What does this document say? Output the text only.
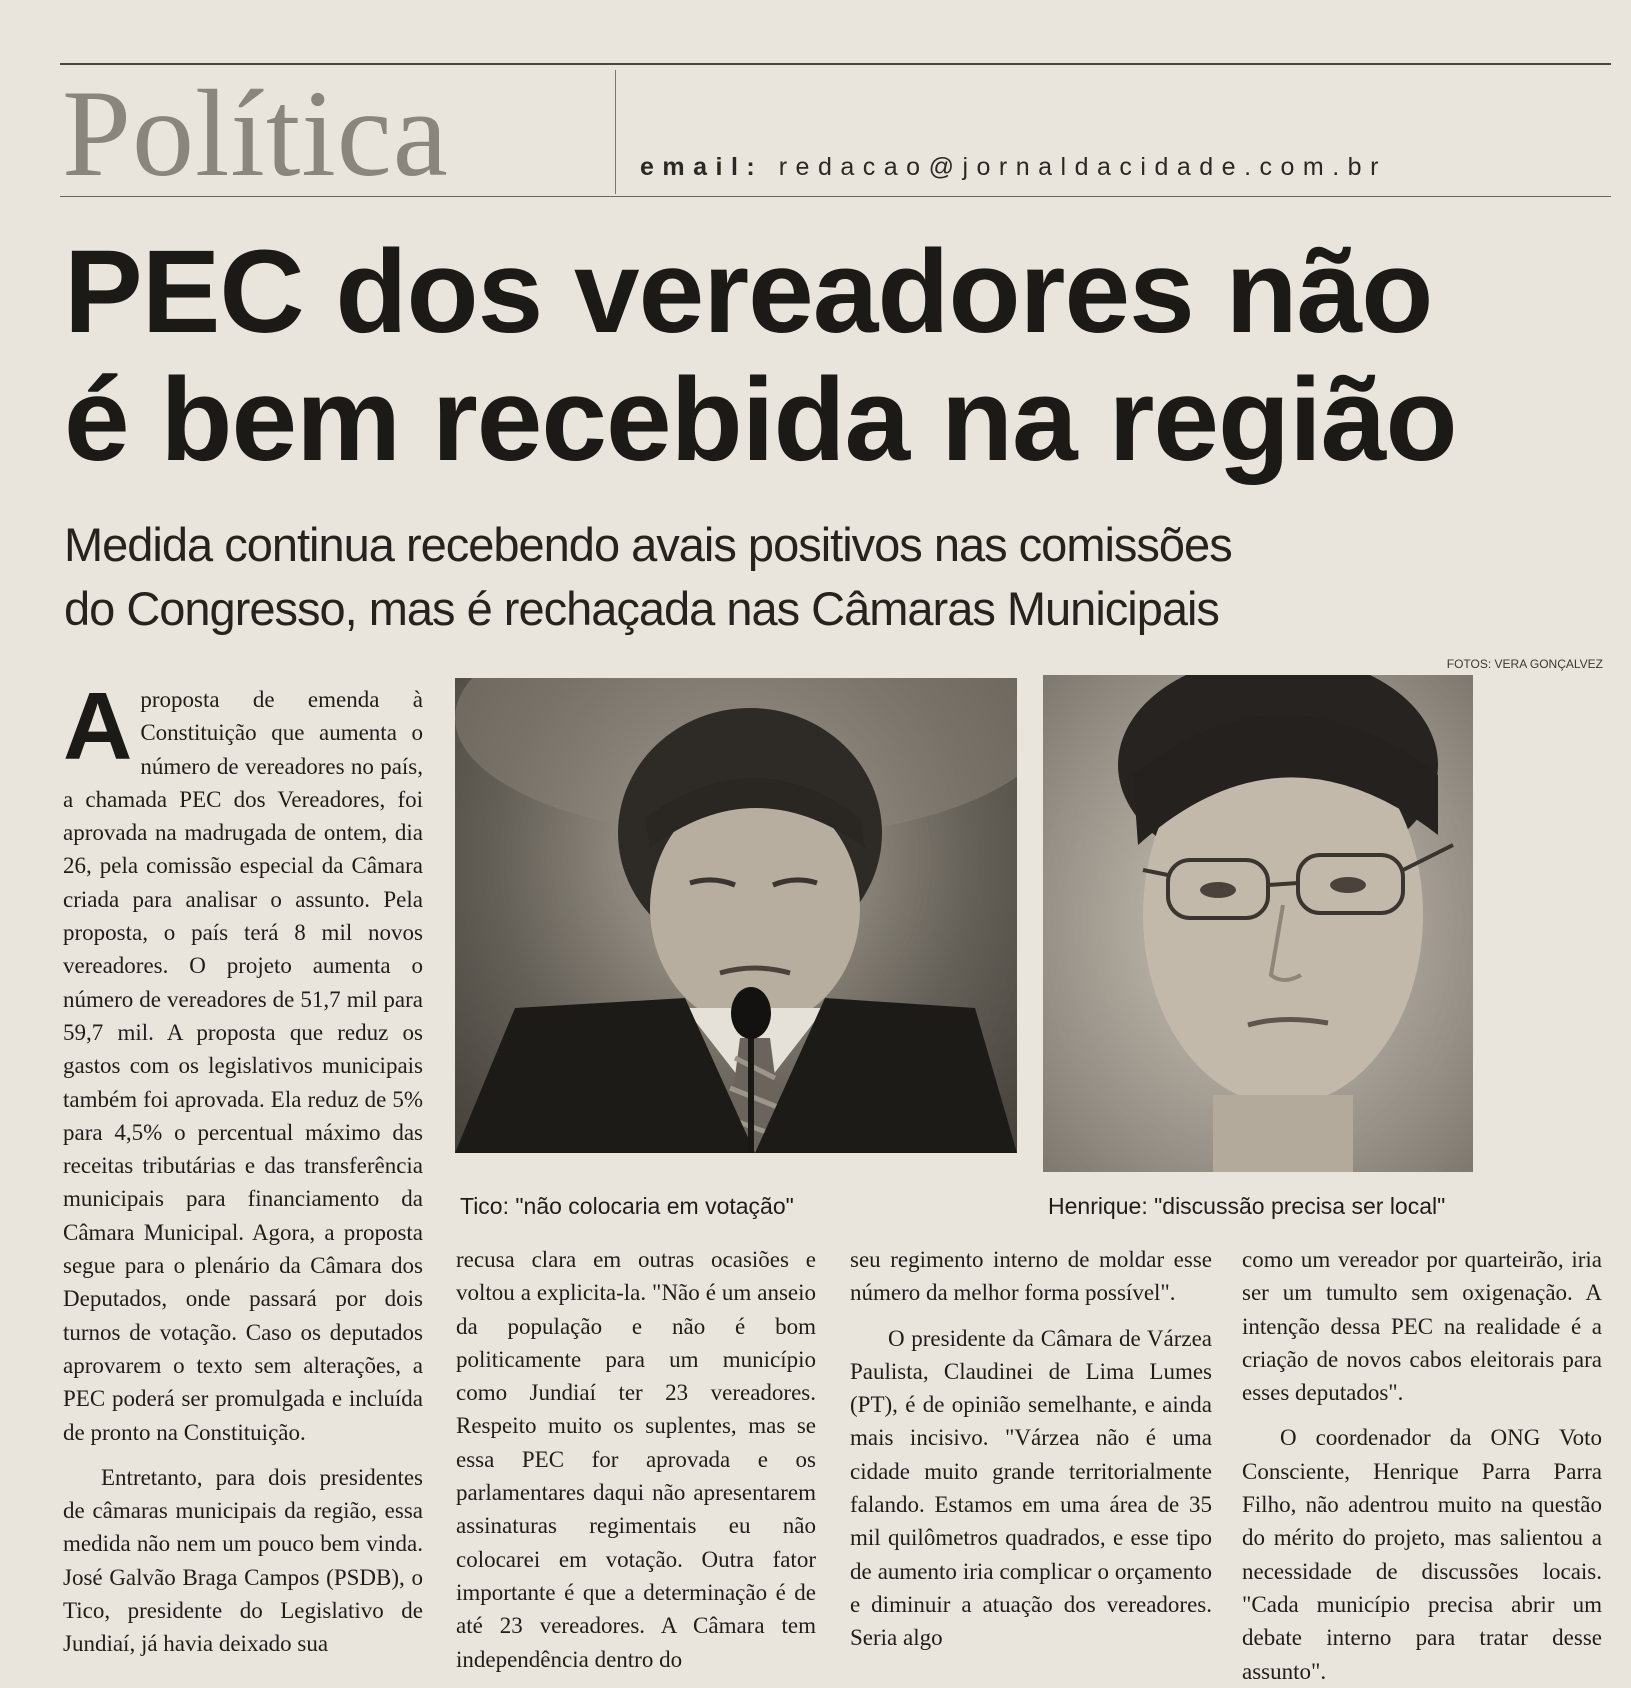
Política	email: redacao@jornaldacidade.com.br
PEC dos vereadores não
é bem recebida na região
Medida continua recebendo avais positivos nas comissões
do Congresso, mas é rechaçada nas Câmaras Municipais
FOTOS: VERA GONÇALVEZ
Tico: "não colocaria em votação"	Henrique: "discussão precisa ser local"

Aproposta de emenda à Constituição que aumenta o número de vereadores no país, a chamada PEC dos Vereadores, foi aprovada na madrugada de ontem, dia 26, pela comissão especial da Câmara criada para analisar o assunto. Pela proposta, o país terá 8 mil novos vereadores. O projeto aumenta o número de vereadores de 51,7 mil para 59,7 mil. A proposta que reduz os gastos com os legislativos municipais também foi aprovada. Ela reduz de 5% para 4,5% o percentual máximo das receitas tributárias e das transferência municipais para financiamento da Câmara Municipal. Agora, a proposta segue para o plenário da Câmara dos Deputados, onde passará por dois turnos de votação. Caso os deputados aprovarem o texto sem alterações, a PEC poderá ser promulgada e incluída de pronto na Constituição.

Entretanto, para dois presidentes de câmaras municipais da região, essa medida não nem um pouco bem vinda. José Galvão Braga Campos (PSDB), o Tico, presidente do Legislativo de Jundiaí, já havia deixado sua

recusa clara em outras ocasiões e voltou a explicita-la. "Não é um anseio da população e não é bom politicamente para um município como Jundiaí ter 23 vereadores. Respeito muito os suplentes, mas se essa PEC for aprovada e os parlamentares daqui não apresentarem assinaturas regimentais eu não colocarei em votação. Outra fator importante é que a determinação é de até 23 vereadores. A Câmara tem independência dentro do

seu regimento interno de moldar esse número da melhor forma possível".

O presidente da Câmara de Várzea Paulista, Claudinei de Lima Lumes (PT), é de opinião semelhante, e ainda mais incisivo. "Várzea não é uma cidade muito grande territorialmente falando. Estamos em uma área de 35 mil quilômetros quadrados, e esse tipo de aumento iria complicar o orçamento e diminuir a atuação dos vereadores. Seria algo

como um vereador por quarteirão, iria ser um tumulto sem oxigenação. A intenção dessa PEC na realidade é a criação de novos cabos eleitorais para esses deputados".

O coordenador da ONG Voto Consciente, Henrique Parra Parra Filho, não adentrou muito na questão do mérito do projeto, mas salientou a necessidade de discussões locais. "Cada município precisa abrir um debate interno para tratar desse assunto".
